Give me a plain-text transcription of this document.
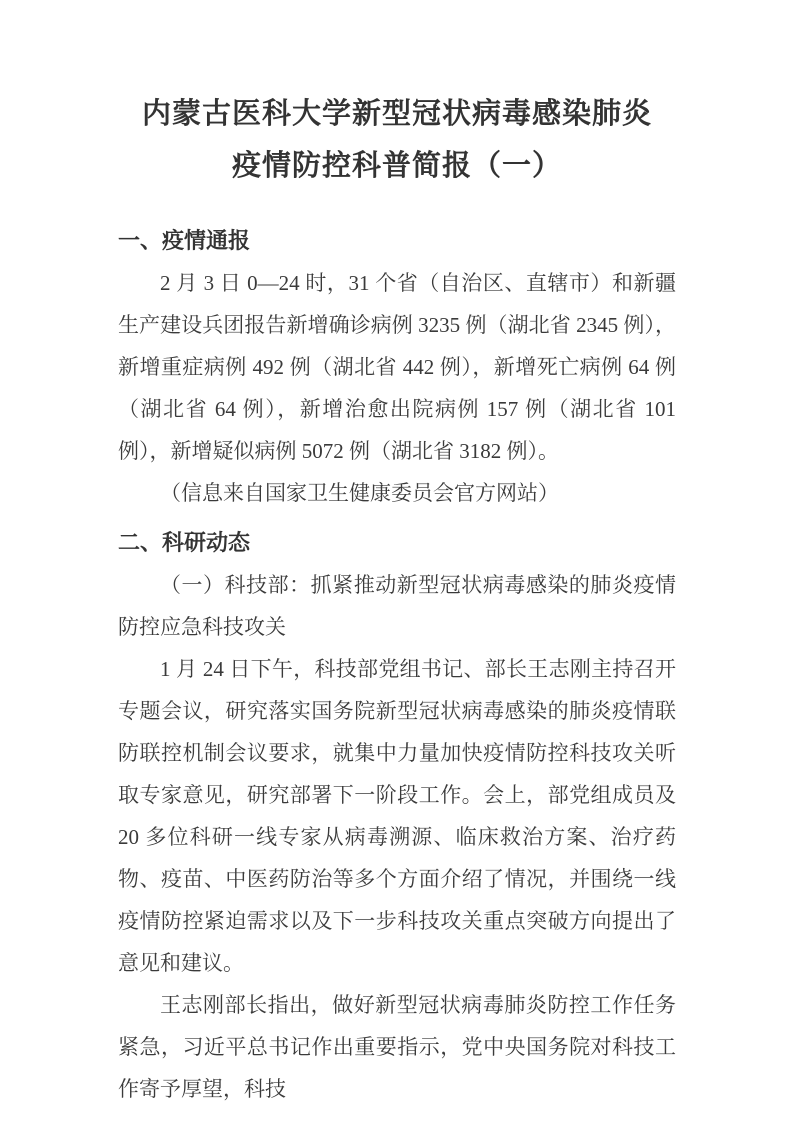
内蒙古医科大学新型冠状病毒感染肺炎
疫情防控科普简报（一）
一、疫情通报

2 月 3 日 0—24 时，31 个省（自治区、直辖市）和新疆生产建设兵团报告新增确诊病例 3235 例（湖北省 2345 例），新增重症病例 492 例（湖北省 442 例），新增死亡病例 64 例（湖北省 64 例），新增治愈出院病例 157 例（湖北省 101 例），新增疑似病例 5072 例（湖北省 3182 例）。

（信息来自国家卫生健康委员会官方网站）

二、科研动态

（一）科技部：抓紧推动新型冠状病毒感染的肺炎疫情防控应急科技攻关

1 月 24 日下午，科技部党组书记、部长王志刚主持召开专题会议，研究落实国务院新型冠状病毒感染的肺炎疫情联防联控机制会议要求，就集中力量加快疫情防控科技攻关听取专家意见，研究部署下一阶段工作。会上，部党组成员及 20 多位科研一线专家从病毒溯源、临床救治方案、治疗药物、疫苗、中医药防治等多个方面介绍了情况，并围绕一线疫情防控紧迫需求以及下一步科技攻关重点突破方向提出了意见和建议。

王志刚部长指出，做好新型冠状病毒肺炎防控工作任务紧急，习近平总书记作出重要指示，党中央国务院对科技工作寄予厚望，科技
